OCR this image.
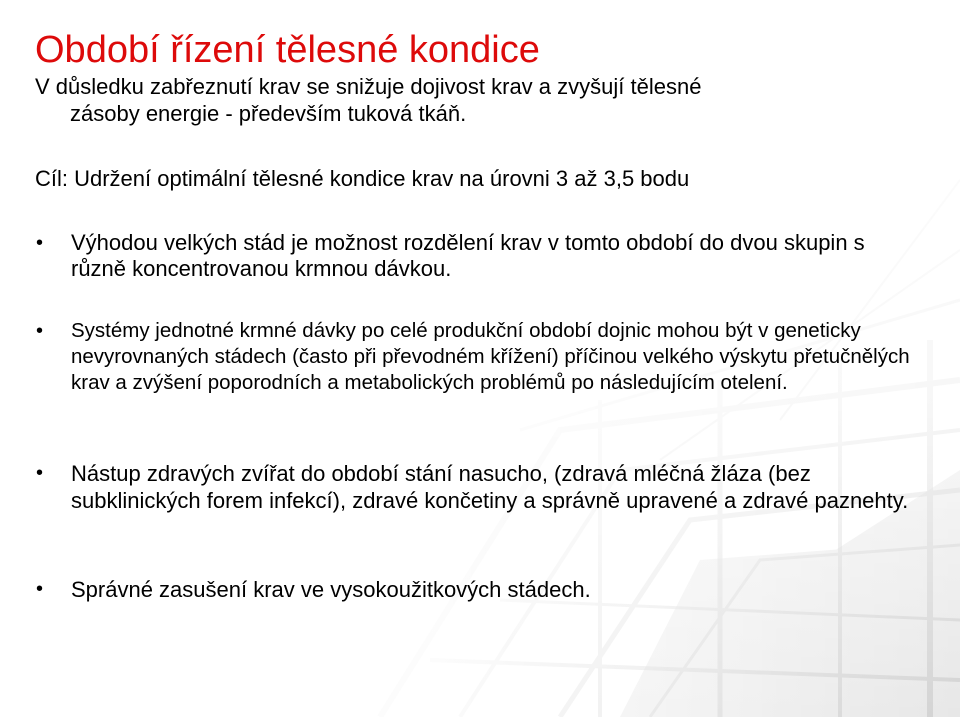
Období řízení tělesné kondice

V důsledku zabřeznutí krav se snižuje dojivost krav a zvyšují tělesné
zásoby energie - především tuková tkáň.

Cíl: Udržení optimální tělesné kondice krav na úrovni 3 až 3,5 bodu

•	Výhodou velkých stád je možnost rozdělení krav v tomto období do dvou skupin s různě koncentrovanou krmnou dávkou.
•	Systémy jednotné krmné dávky po celé produkční období dojnic mohou být v geneticky nevyrovnaných stádech (často při převodném křížení) příčinou velkého výskytu přetučnělých krav a zvýšení poporodních a metabolických problémů po následujícím otelení.
•	Nástup zdravých zvířat do období stání nasucho, (zdravá mléčná žláza (bez subklinických forem infekcí), zdravé končetiny a správně upravené a zdravé paznehty.
•	Správné zasušení krav ve vysokoužitkových stádech.
